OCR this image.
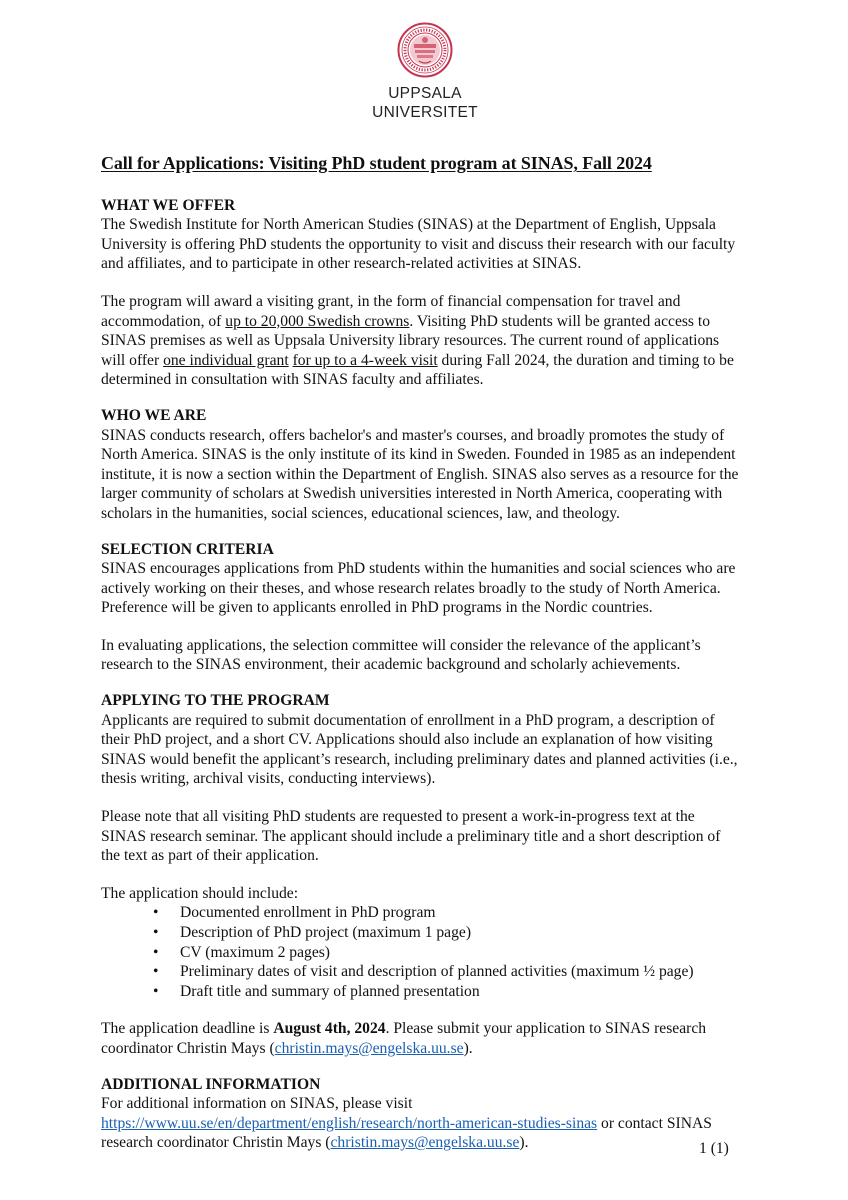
UPPSALA
UNIVERSITET
Call for Applications: Visiting PhD student program at SINAS, Fall 2024

WHAT WE OFFER

The Swedish Institute for North American Studies (SINAS) at the Department of English, Uppsala University is offering PhD students the opportunity to visit and discuss their research with our faculty and affiliates, and to participate in other research-related activities at SINAS.

The program will award a visiting grant, in the form of financial compensation for travel and accommodation, of up to 20,000 Swedish crowns. Visiting PhD students will be granted access to SINAS premises as well as Uppsala University library resources. The current round of applications will offer one individual grant for up to a 4-week visit during Fall 2024, the duration and timing to be determined in consultation with SINAS faculty and affiliates.

WHO WE ARE

SINAS conducts research, offers bachelor's and master's courses, and broadly promotes the study of North America. SINAS is the only institute of its kind in Sweden. Founded in 1985 as an independent institute, it is now a section within the Department of English. SINAS also serves as a resource for the larger community of scholars at Swedish universities interested in North America, cooperating with scholars in the humanities, social sciences, educational sciences, law, and theology.

SELECTION CRITERIA

SINAS encourages applications from PhD students within the humanities and social sciences who are actively working on their theses, and whose research relates broadly to the study of North America. Preference will be given to applicants enrolled in PhD programs in the Nordic countries.

In evaluating applications, the selection committee will consider the relevance of the applicant’s research to the SINAS environment, their academic background and scholarly achievements.

APPLYING TO THE PROGRAM

Applicants are required to submit documentation of enrollment in a PhD program, a description of their PhD project, and a short CV. Applications should also include an explanation of how visiting SINAS would benefit the applicant’s research, including preliminary dates and planned activities (i.e., thesis writing, archival visits, conducting interviews).

Please note that all visiting PhD students are requested to present a work-in-progress text at the SINAS research seminar. The applicant should include a preliminary title and a short description of the text as part of their application.

The application should include:

• Documented enrollment in PhD program
• Description of PhD project (maximum 1 page)
• CV (maximum 2 pages)
• Preliminary dates of visit and description of planned activities (maximum ½ page)
• Draft title and summary of planned presentation

The application deadline is August 4th, 2024. Please submit your application to SINAS research coordinator Christin Mays (christin.mays@engelska.uu.se).

ADDITIONAL INFORMATION

For additional information on SINAS, please visit https://www.uu.se/en/department/english/research/north-american-studies-sinas or contact SINAS research coordinator Christin Mays (christin.mays@engelska.uu.se).	1 (1)
